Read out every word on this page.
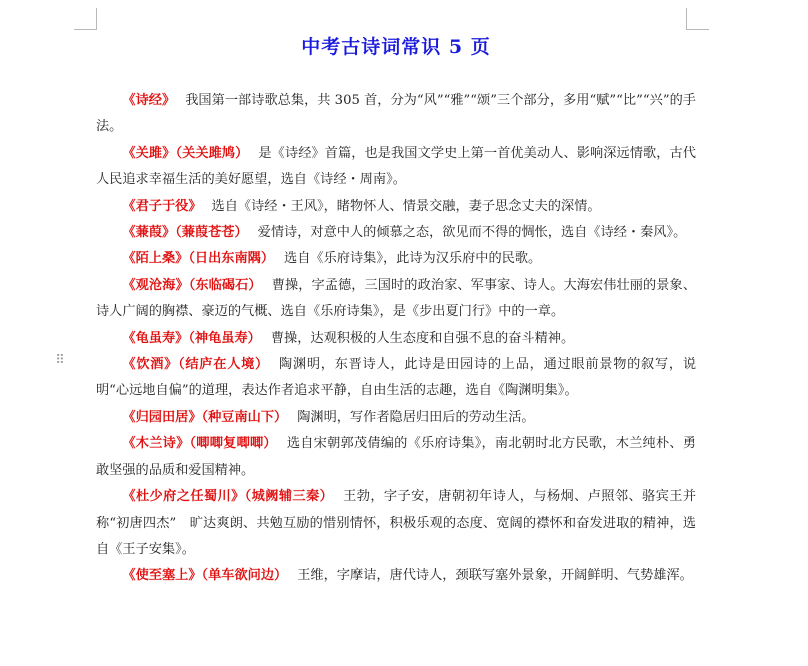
⠿
中考古诗词常识 5 页

《诗经》 我国第一部诗歌总集，共 305 首，分为“风”“雅”“颂”三个部分，多用“赋”“比”“兴”的手法。

《关雎》（关关雎鸠） 是《诗经》首篇，也是我国文学史上第一首优美动人、影响深远情歌，古代人民追求幸福生活的美好愿望，选自《诗经・周南》。

《君子于役》 选自《诗经・王风》，睹物怀人、情景交融，妻子思念丈夫的深情。

《蒹葭》（蒹葭苍苍） 爱情诗，对意中人的倾慕之态，欲见而不得的惆怅，选自《诗经・秦风》。

《陌上桑》（日出东南隅） 选自《乐府诗集》，此诗为汉乐府中的民歌。

《观沧海》（东临碣石） 曹操，字孟德，三国时的政治家、军事家、诗人。大海宏伟壮丽的景象、诗人广阔的胸襟、豪迈的气概、选自《乐府诗集》，是《步出夏门行》中的一章。

《龟虽寿》（神龟虽寿） 曹操，达观积极的人生态度和自强不息的奋斗精神。

《饮酒》（结庐在人境） 陶渊明，东晋诗人，此诗是田园诗的上品，通过眼前景物的叙写，说明“心远地自偏”的道理，表达作者追求平静，自由生活的志趣，选自《陶渊明集》。

《归园田居》（种豆南山下） 陶渊明，写作者隐居归田后的劳动生活。

《木兰诗》（唧唧复唧唧） 选自宋朝郭茂倩编的《乐府诗集》，南北朝时北方民歌，木兰纯朴、勇敢坚强的品质和爱国精神。

《杜少府之任蜀川》（城阙辅三秦） 王勃，字子安，唐朝初年诗人，与杨炯、卢照邻、骆宾王并称“初唐四杰”　旷达爽朗、共勉互励的惜别情怀，积极乐观的态度、宽阔的襟怀和奋发进取的精神，选自《王子安集》。

《使至塞上》（单车欲问边） 王维，字摩诘，唐代诗人，颈联写塞外景象，开阔鲜明、气势雄浑。
